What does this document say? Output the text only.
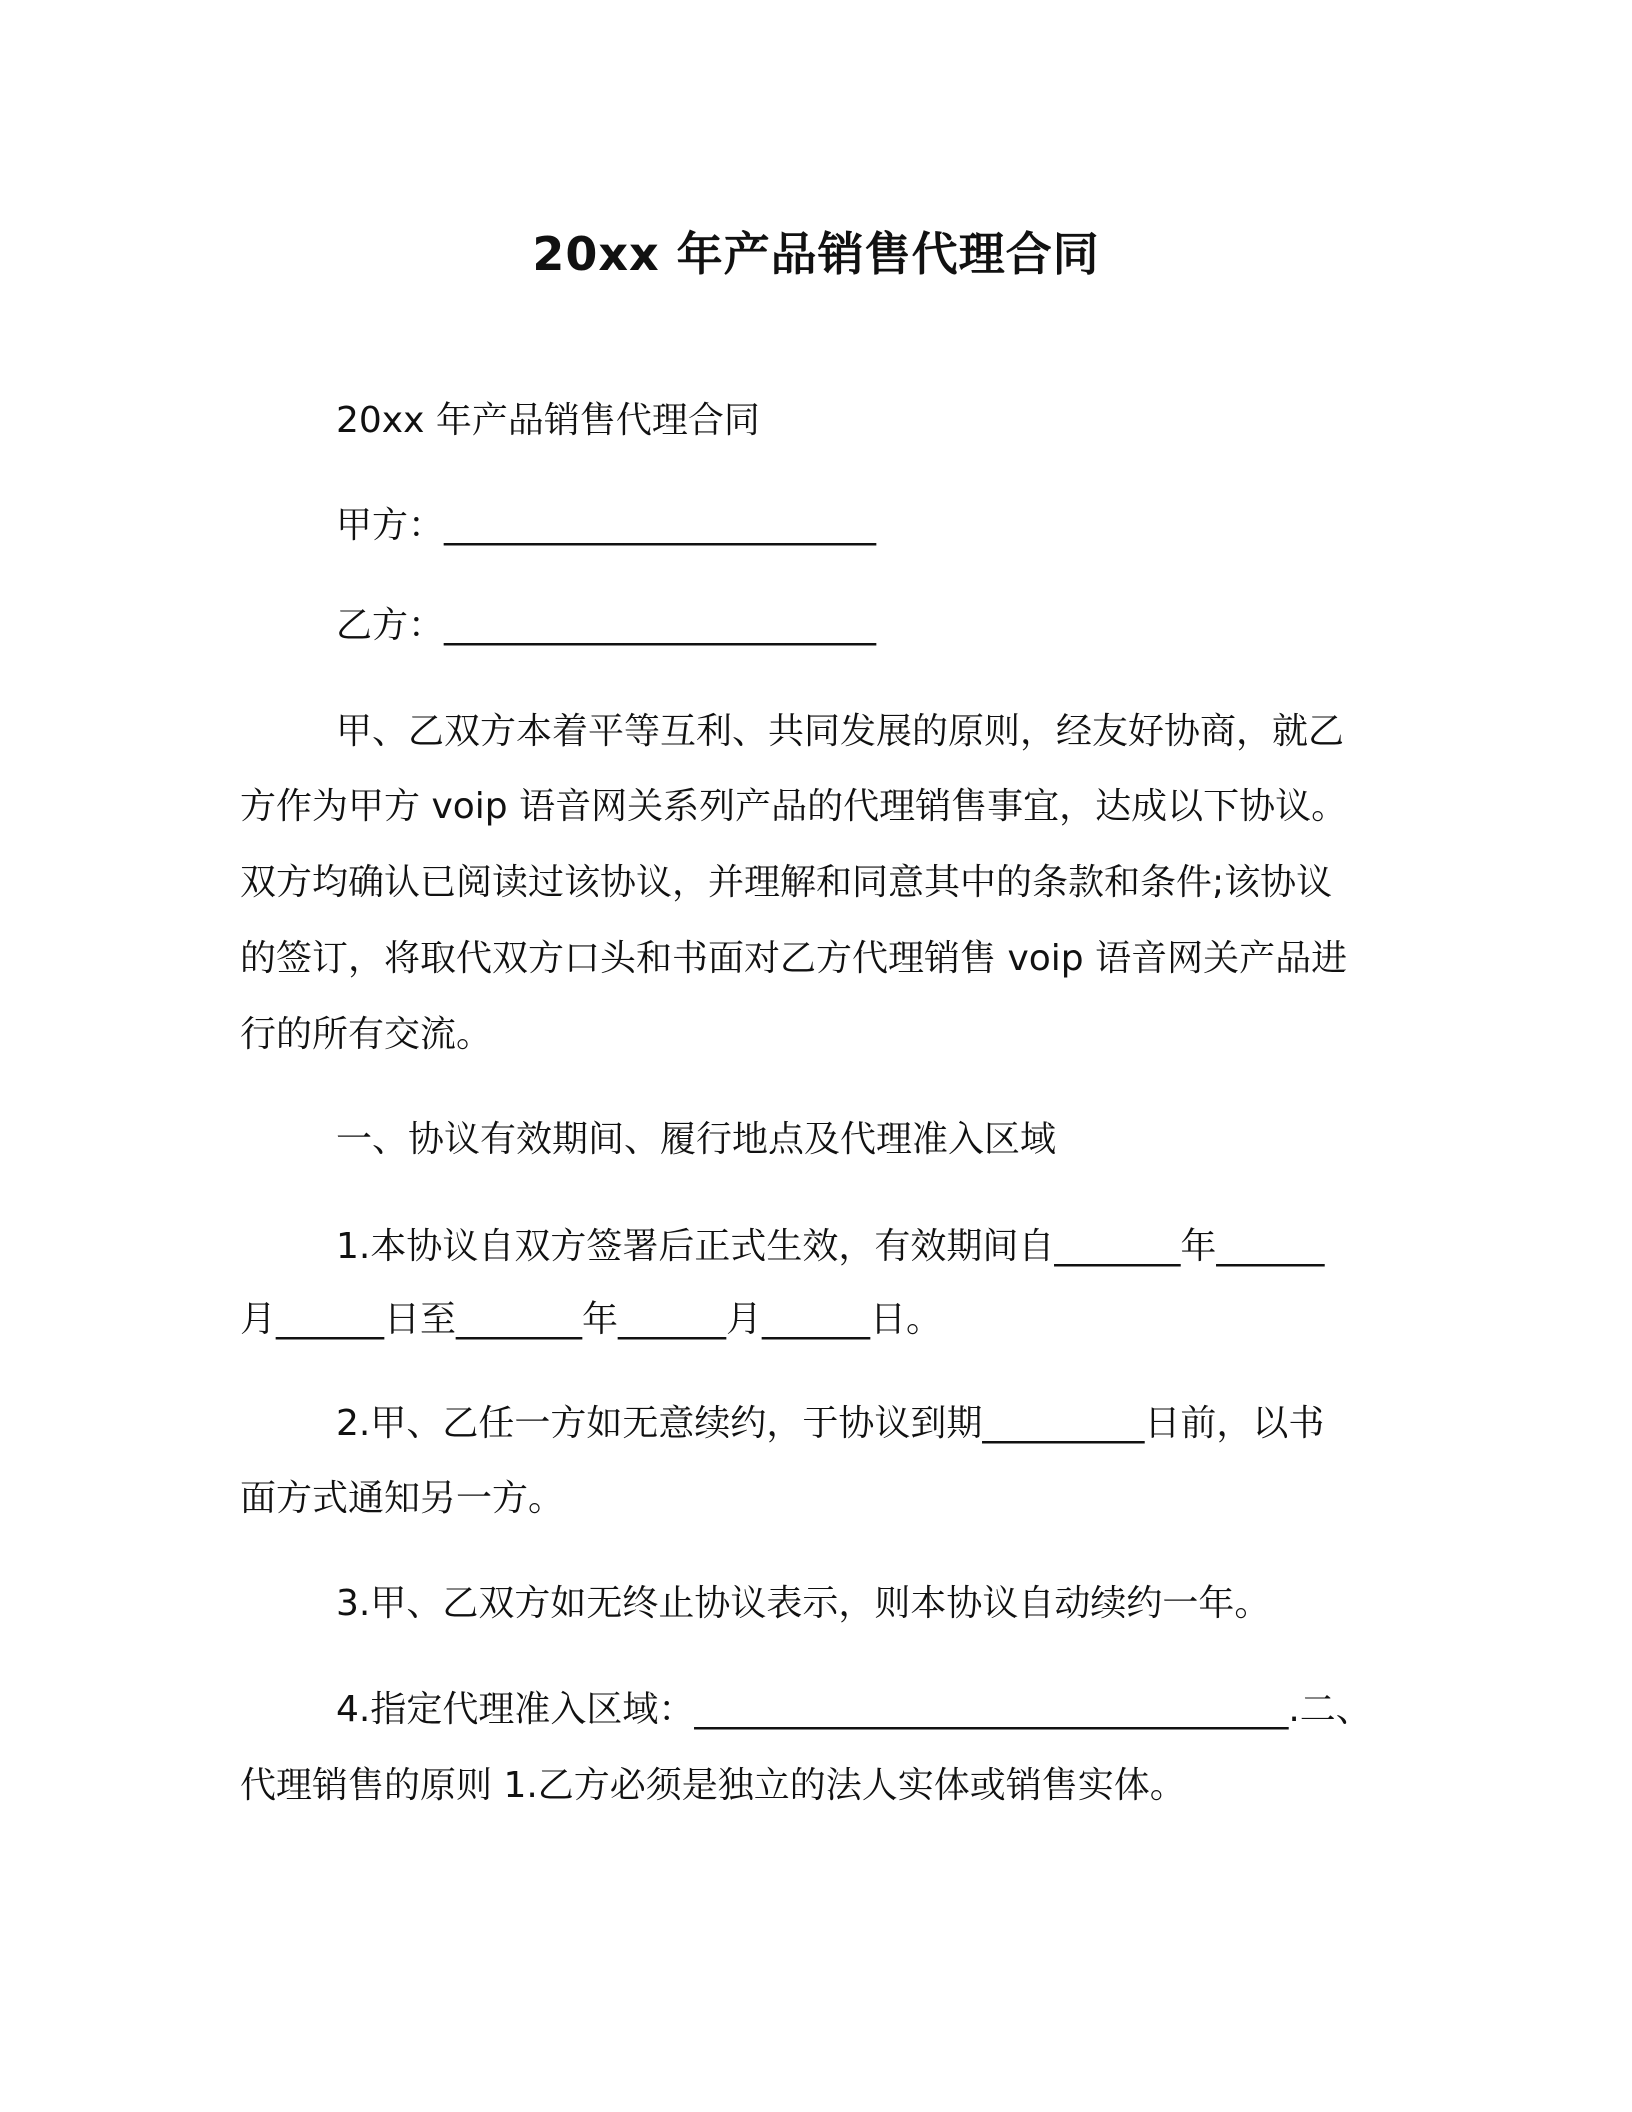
20xx 年产品销售代理合同
20xx 年产品销售代理合同
甲方：________________________
乙方：________________________
甲、乙双方本着平等互利、共同发展的原则，经友好协商，就乙
方作为甲方 voip 语音网关系列产品的代理销售事宜，达成以下协议。
双方均确认已阅读过该协议，并理解和同意其中的条款和条件;该协议
的签订，将取代双方口头和书面对乙方代理销售 voip 语音网关产品进
行的所有交流。
一、协议有效期间、履行地点及代理准入区域
1.本协议自双方签署后正式生效，有效期间自_______年______
月______日至_______年______月______日。
2.甲、乙任一方如无意续约，于协议到期_________日前，以书
面方式通知另一方。
3.甲、乙双方如无终止协议表示，则本协议自动续约一年。
4.指定代理准入区域：_________________________________.二、
代理销售的原则 1.乙方必须是独立的法人实体或销售实体。
